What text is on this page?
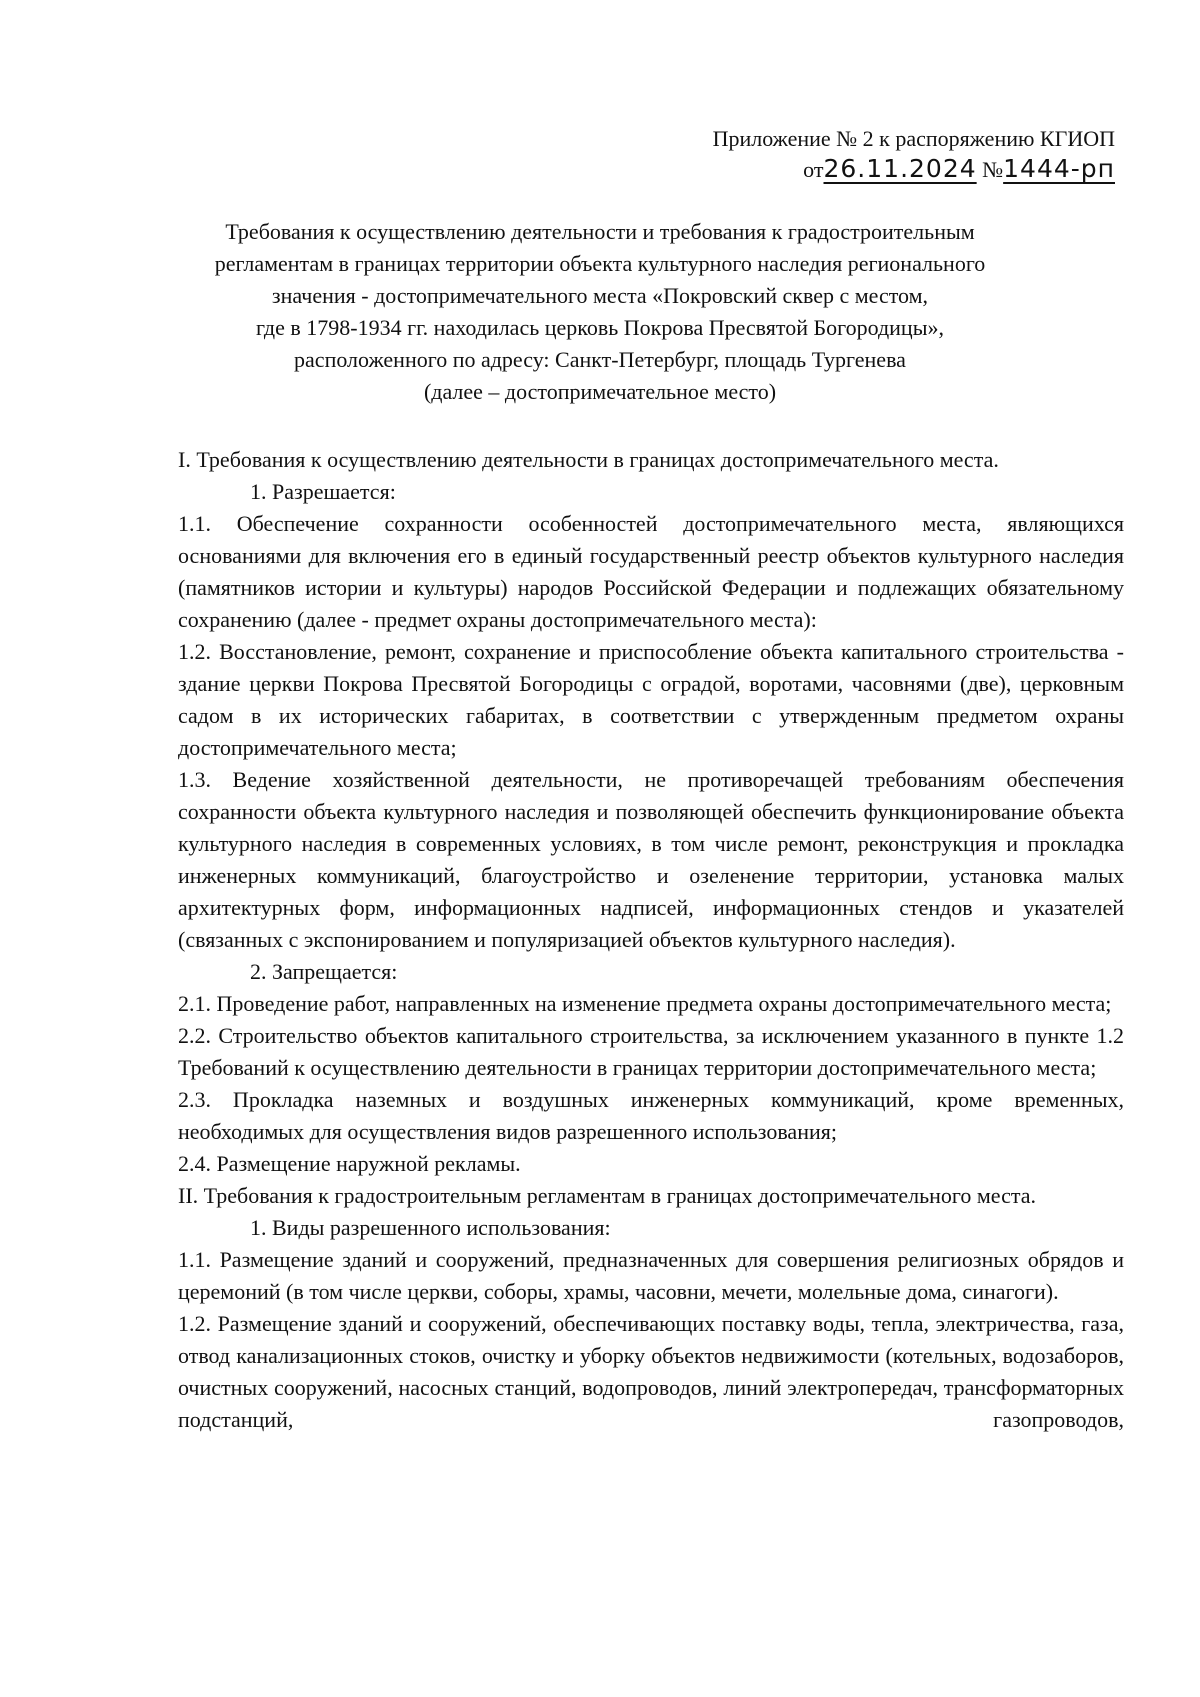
Приложение № 2 к распоряжению КГИОП
от26.11.2024 №1444-рп
Требования к осуществлению деятельности и требования к градостроительным
регламентам в границах территории объекта культурного наследия регионального
значения - достопримечательного места «Покровский сквер с местом,
где в 1798-1934 гг. находилась церковь Покрова Пресвятой Богородицы»,
расположенного по адресу: Санкт-Петербург, площадь Тургенева
(далее – достопримечательное место)

I. Требования к осуществлению деятельности в границах достопримечательного места.

1. Разрешается:

1.1. Обеспечение сохранности особенностей достопримечательного места, являющихся основаниями для включения его в единый государственный реестр объектов культурного наследия (памятников истории и культуры) народов Российской Федерации и подлежащих обязательному сохранению (далее - предмет охраны достопримечательного места):

1.2. Восстановление, ремонт, сохранение и приспособление объекта капитального строительства - здание церкви Покрова Пресвятой Богородицы с оградой, воротами, часовнями (две), церковным садом в их исторических габаритах, в соответствии с утвержденным предметом охраны достопримечательного места;

1.3. Ведение хозяйственной деятельности, не противоречащей требованиям обеспечения сохранности объекта культурного наследия и позволяющей обеспечить функционирование объекта культурного наследия в современных условиях, в том числе ремонт, реконструкция и прокладка инженерных коммуникаций, благоустройство и озеленение территории, установка малых архитектурных форм, информационных надписей, информационных стендов и указателей (связанных с экспонированием и популяризацией объектов культурного наследия).

2. Запрещается:

2.1. Проведение работ, направленных на изменение предмета охраны достопримечательного места;

2.2. Строительство объектов капитального строительства, за исключением указанного в пункте 1.2 Требований к осуществлению деятельности в границах территории достопримечательного места;

2.3. Прокладка наземных и воздушных инженерных коммуникаций, кроме временных, необходимых для осуществления видов разрешенного использования;

2.4. Размещение наружной рекламы.

II. Требования к градостроительным регламентам в границах достопримечательного места.

1. Виды разрешенного использования:

1.1. Размещение зданий и сооружений, предназначенных для совершения религиозных обрядов и церемоний (в том числе церкви, соборы, храмы, часовни, мечети, молельные дома, синагоги).

1.2. Размещение зданий и сооружений, обеспечивающих поставку воды, тепла, электричества, газа, отвод канализационных стоков, очистку и уборку объектов недвижимости (котельных, водозаборов, очистных сооружений, насосных станций, водопроводов, линий электропередач, трансформаторных подстанций, газопроводов,
